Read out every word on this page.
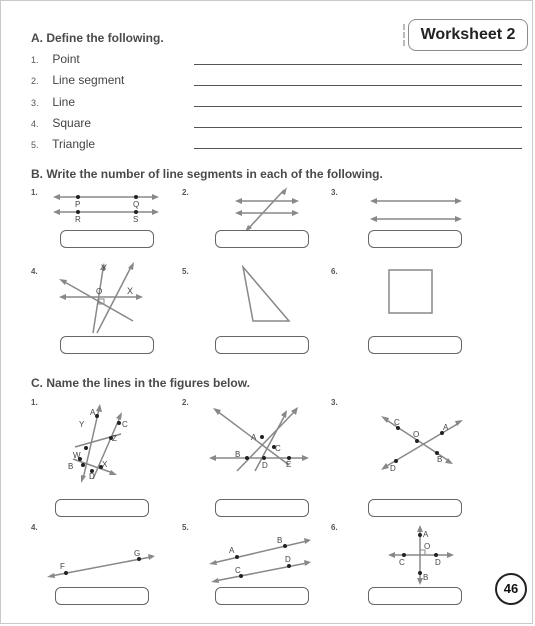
Worksheet 2
A. Define the following.
1. Point
2. Line segment
3. Line
4. Square
5. Triangle
B. Write the number of line segments in each of the following.
1.	2.	3.
4.	5.	6.
P	Q
R	S
Y
O	X
C. Name the lines in the figures below.
1.	2.	3.
4.	5.	6.
A
C
Y
Z
W
B
D
X
A
C
B
D E
C
A
O
D
B
F
G	A
B
C
D
A
O
C	D
B
46
